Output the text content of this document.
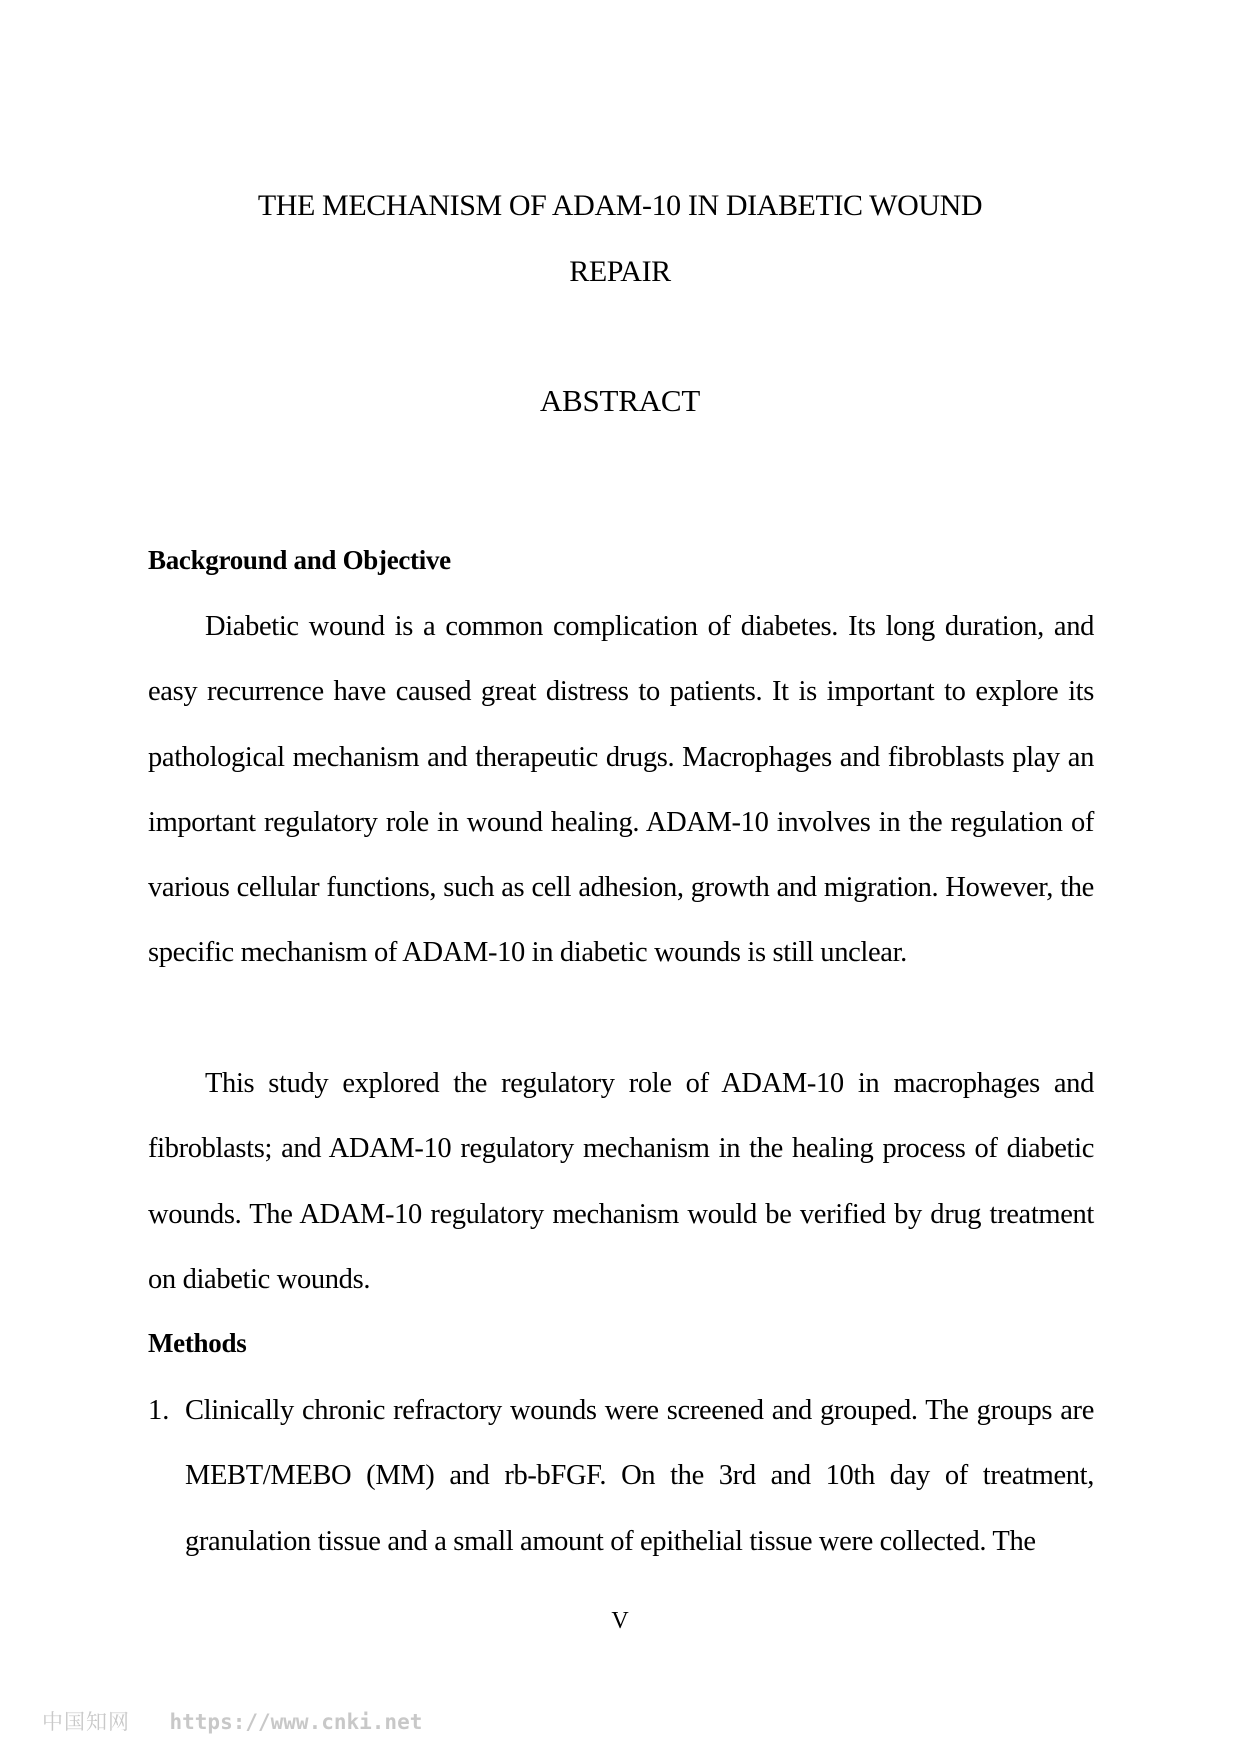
THE MECHANISM OF ADAM-10 IN DIABETIC WOUND
REPAIR
ABSTRACT
Background and Objective

Diabetic wound is a common complication of diabetes. Its long duration, and easy recurrence have caused great distress to patients. It is important to explore its pathological mechanism and therapeutic drugs. Macrophages and fibroblasts play an important regulatory role in wound healing. ADAM-10 involves in the regulation of various cellular functions, such as cell adhesion, growth and migration. However, the specific mechanism of ADAM-10 in diabetic wounds is still unclear.

This study explored the regulatory role of ADAM-10 in macrophages and fibroblasts; and ADAM-10 regulatory mechanism in the healing process of diabetic wounds. The ADAM-10 regulatory mechanism would be verified by drug treatment on diabetic wounds.

Methods
1. Clinically chronic refractory wounds were screened and grouped. The groups are MEBT/MEBO (MM) and rb-bFGF. On the 3rd and 10th day of treatment, granulation tissue and a small amount of epithelial tissue were collected. The

V
中国知网 https://www.cnki.net
